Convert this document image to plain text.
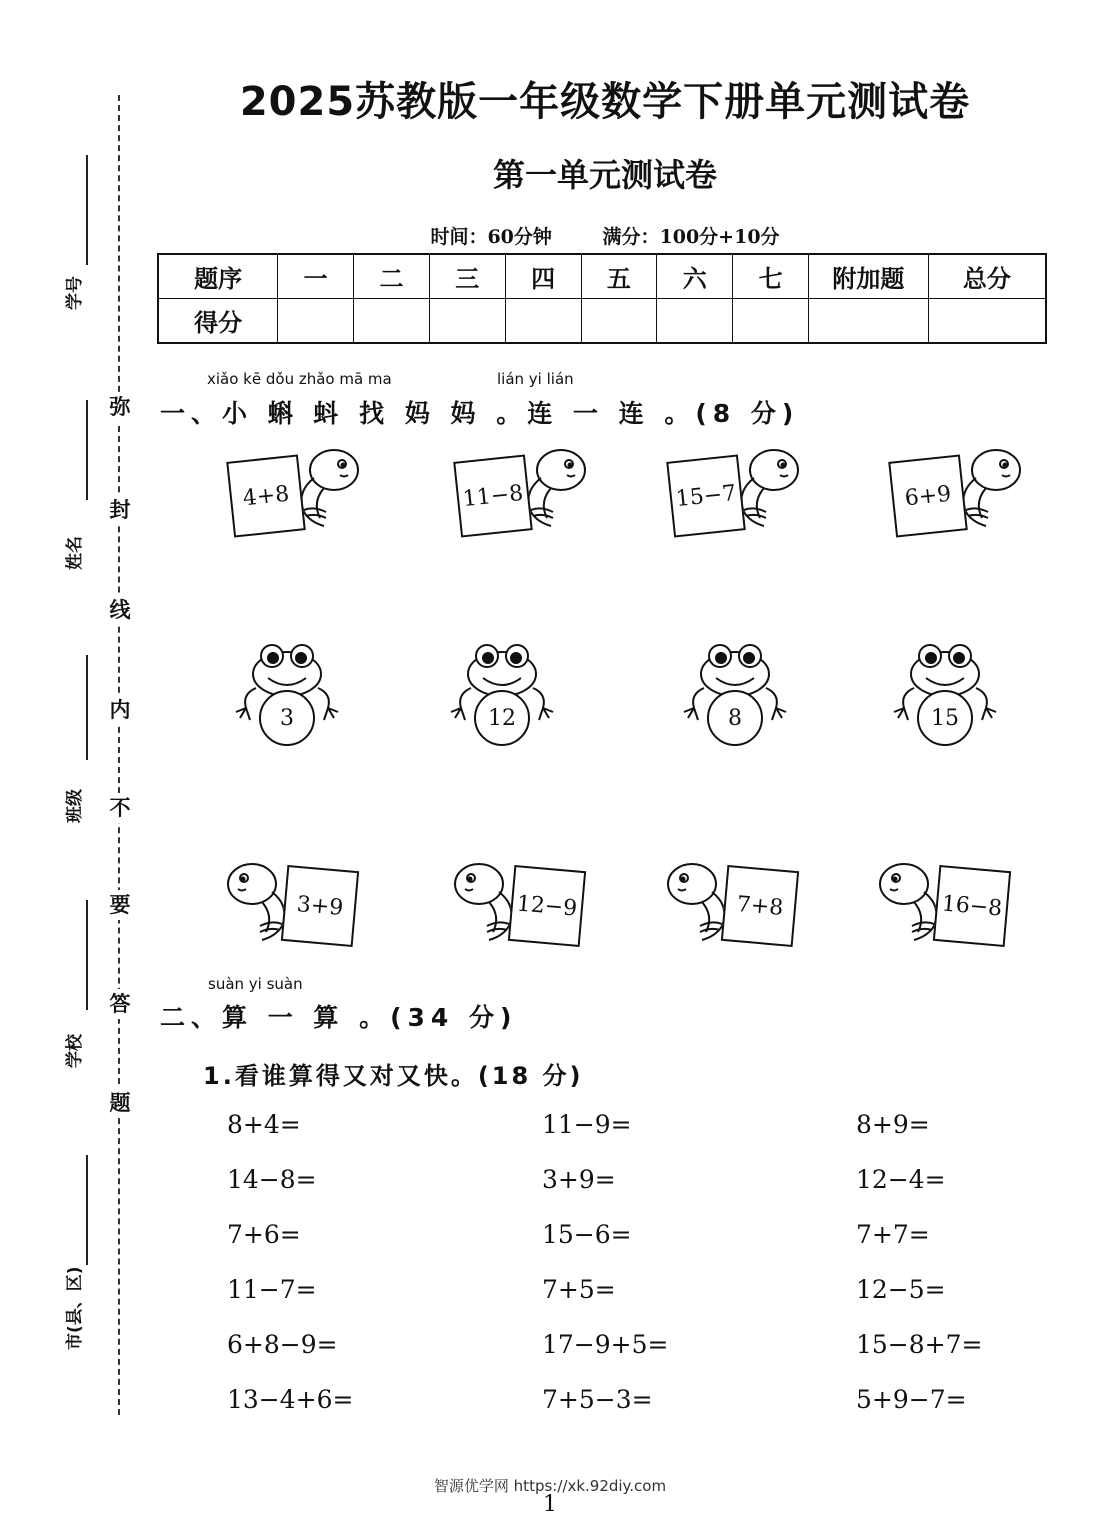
学号
姓名
班级
学校
市(县、区)
弥
封
线
内
不
要
答
题
2025苏教版一年级数学下册单元测试卷
第一单元测试卷
时间：60分钟	满分：100分+10分
题序	一	二	三	四	五	六	七	附加题	总分
得分									
xiǎo kē dǒu zhǎo mā ma	lián yi lián
一、小 蝌 蚪 找 妈 妈 。连 一 连 。(8 分)
4+8	11−8	15−7	6+9
3	12	8	15
3+9	12−9	7+8	16−8
suàn yi suàn
二、算 一 算 。(34 分)
1.看谁算得又对又快。(18 分)
8+4=	11−9=	8+9=
14−8=	3+9=	12−4=
7+6=	15−6=	7+7=
11−7=	7+5=	12−5=
6+8−9=	17−9+5=	15−8+7=
13−4+6=	7+5−3=	5+9−7=
智源优学网 https://xk.92diy.com
1
